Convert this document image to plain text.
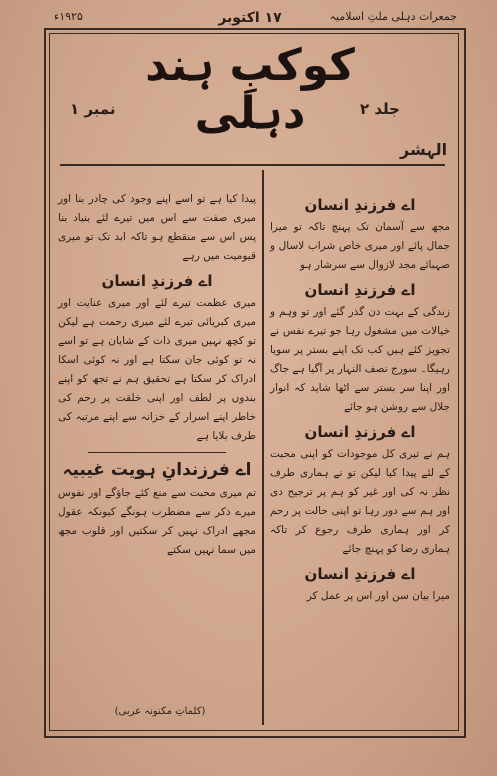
۱۹۲۵ء	۱۷ اکتوبر	جمعرات دہلی ملتِ اسلامیہ
کوکبِ ہند دہلی	جلد ۲
نمبر ۱
الہشر
اے فرزندِ انسان

مجھ سے آسمان تک پہنچ تاکہ تو میرا جمال پائے اور میری خاص شراب لاسال و صہبائے مجد لازوال سے سرشار ہو

اے فرزندِ انسان

زندگی کے بہت دن گذر گئے اور تو وہم و خیالات میں مشغول رہا جو تیرے نفس نے تجویز کئے ہیں کب تک اپنے بستر پر سویا رہیگا۔ سورج نصف النہار پر آگیا ہے جاگ اور اپنا سر بستر سے اٹھا شاید کہ انوار جلال سے روشن ہو جائے

اے فرزندِ انسان

ہم نے تیری کل موجودات کو اپنی محبت کے لئے پیدا کیا لیکن تو نے ہماری طرف نظر نہ کی اور غیر کو ہم پر ترجیح دی اور ہم سے دور رہا تو اپنی حالت پر رحم کر اور ہماری طرف رجوع کر تاکہ ہماری رضا کو پہنچ جائے

اے فرزندِ انسان

میرا بیان سن اور اس پر عمل کر

پیدا کیا ہے تو اسے اپنے وجود کی چادر بنا اور میری صفت سے اس میں تیرے لئے بنیاد بنا پس اس سے منقطع ہو تاکہ ابد تک تو میری قیومیت میں رہے

اے فرزندِ انسان

میری عظمت تیرے لئے اور میری عنایت اور میری کبریائی تیرے لئے میری رحمت ہے لیکن تو کچھ نہیں میری ذات کے شایان ہے تو اسے نہ تو کوئی جان سکتا ہے اور نہ کوئی اسکا ادراک کر سکتا ہے تحقیق ہم نے تجھ کو اپنے بندوں پر لطف اور اپنی خلقت پر رحم کی خاطر اپنے اسرار کے خزانہ سے اپنے مرتبہ کی طرف بلایا ہے

اے فرزندانِ ہویت غیبیہ

تم میری محبت سے منع کئے جاؤگے اور نفوس میرے ذکر سے مضطرب ہونگے کیونکہ عقول مجھے ادراک نہیں کر سکتیں اور قلوب مجھ میں سما نہیں سکتے

(کلماتِ مکنونہ عربی)
